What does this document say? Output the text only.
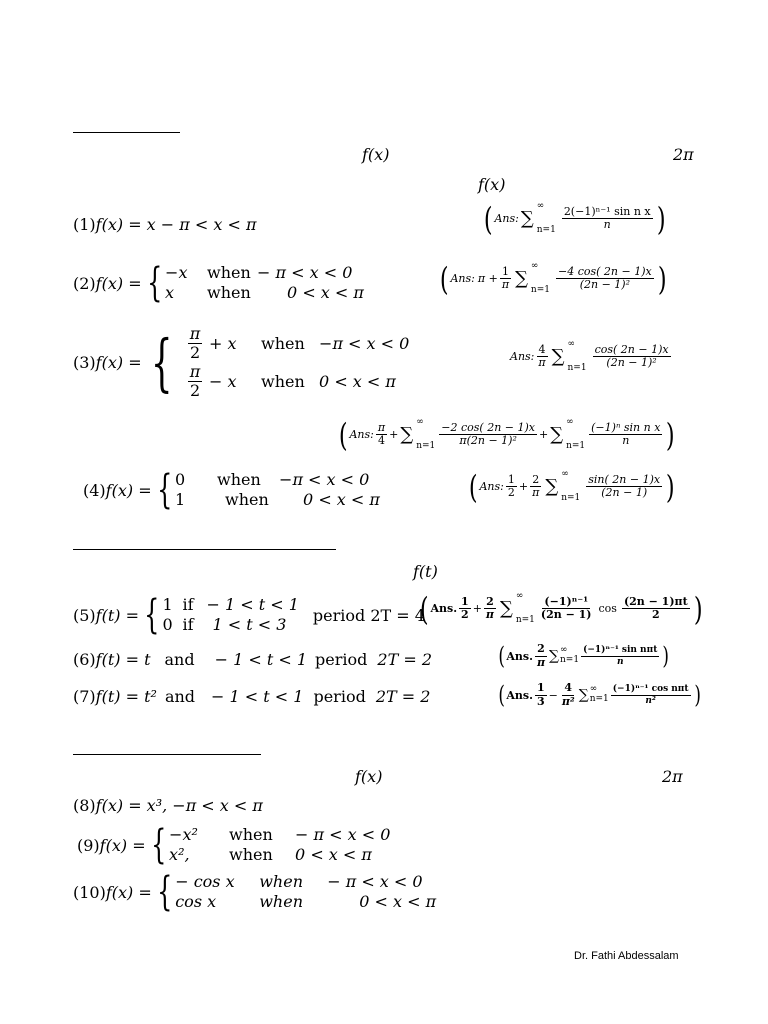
f(x)	2π
f(x)
(1) f(x) = x − π < x < π	( Ans: ∑
∞
$n=1 \frac{\text{2(−1)ⁿ⁻¹ sin n x}}{n}$ )
(2) f(x) = { −x	when − π < x < 0
x	when	0 < x < π ( Ans: $\pi + \frac{1}{\pi}$ ∑
∞
$n=1 \frac{-4 \cos( 2n - 1)x}{\text{(2n − 1)²}}$ )
(3) f(x) = { $\frac{\pi}{2} + x$	when −π < x < 0
$\frac{\pi}{2} - x$	when 0 < x < π
Ans: $\frac{4}{\pi}$ ∑
∞
$n=1 \frac{\cos( 2n - 1)x}{\text{(2n − 1)²}}$
( Ans: $\frac{\pi}{4}$ + ∑
∞
$n=1 \frac{-2 \cos( 2n - 1)x}{\text{π(2n − 1)²}}$ + ∑
∞
$n=1 \frac{\text{(−1)ⁿ sin n x}}{n}$ )
(4) f(x) = { 0	when	−π < x < 0
1	when	0 < x < π	( Ans: $\frac{1}{2} + \frac{2}{\pi}$ ∑
∞
$n=1 \frac{\sin( 2n - 1)x}{(2n - 1)}$ )
f(t)
(5) f(t) = { 1 if − 1 < t < 1
0 if	1 < t < 3 period 2T = 4
( Ans. $\frac{1}{2} + \frac{2}{\pi}$ ∑
∞
$n=1 \frac{\text{(−1)ⁿ⁻¹}}{(2n - 1)}$ $\cos \frac{(2n - 1)\pi t}{2}$ )
(6) f(t) = t and − 1 < t < 1 period 2T = 2	( Ans. $\frac{2}{\pi}$ ∑ ∞
$n=1 \frac{\text{(−1)ⁿ⁻¹ sin nπt}}{n}$ )
(7) f(t) = t² and − 1 < t < 1 period 2T = 2	( Ans. $\frac{1}{3} - \frac{4}{\text{π²}}$ ∑ ∞
$n=1 \frac{\text{(−1)ⁿ⁻¹ cos nπt}}{\text{n²}}$ )
f(x)	2π
(8) f(x) = x³, −π < x < π
(9) f(x) = { −x²	when	− π < x < 0
x²,	when	0 < x < π
(10) f(x) = { − cos x	when	− π < x < 0
cos x	when	0 < x < π
Dr. Fathi Abdessalam
